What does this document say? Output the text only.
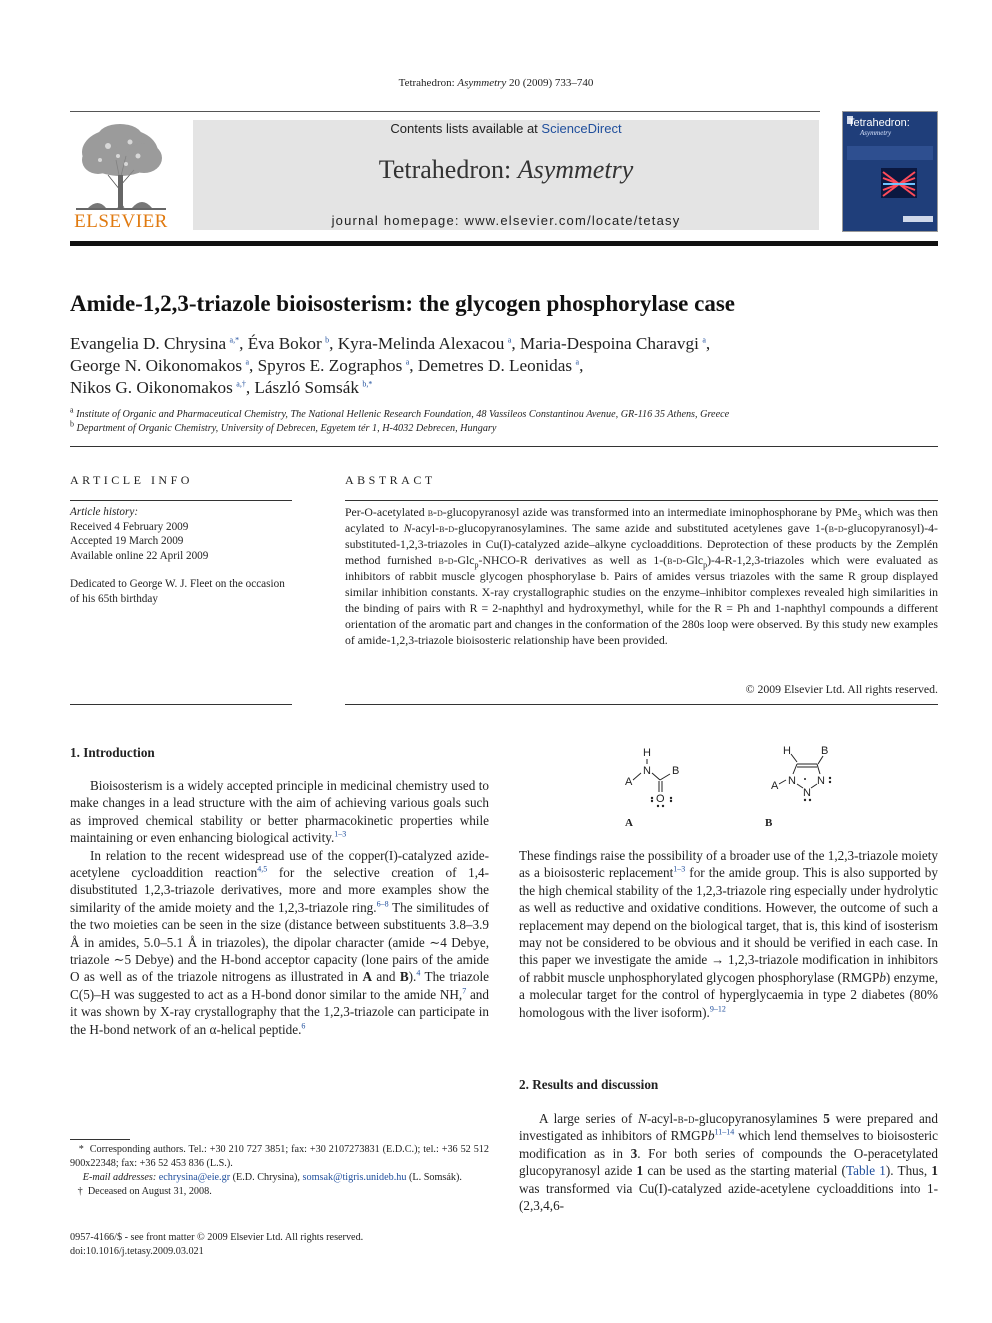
Tetrahedron: Asymmetry 20 (2009) 733–740
Contents lists available at ScienceDirect
Tetrahedron: Asymmetry
journal homepage: www.elsevier.com/locate/tetasy
ELSEVIER
Tetrahedron:
Asymmetry
Amide-1,2,3-triazole bioisosterism: the glycogen phosphorylase case
Evangelia D. Chrysina  $^{a,*}$, Éva Bokor  $^b$, Kyra-Melinda Alexacou  $^a$, Maria-Despoina Charavgi  $^a$,
George N. Oikonomakos  $^a$, Spyros E. Zographos  $^a$, Demetres D. Leonidas  $^a$,
Nikos G. Oikonomakos  $^{a,\dagger}$, László Somsák  $^{b,*}$
$^a$ Institute of Organic and Pharmaceutical Chemistry, The National Hellenic Research Foundation, 48 Vassileos Constantinou Avenue, GR-116 35 Athens, Greece
$^b$ Department of Organic Chemistry, University of Debrecen, Egyetem tér 1, H-4032 Debrecen, Hungary
ARTICLE INFO
Article history:
Received 4 February 2009
Accepted 19 March 2009
Available online 22 April 2009
Dedicated to George W. J. Fleet on the occasion of his 65th birthday
ABSTRACT
Per-O-acetylated β-d-glucopyranosyl azide was transformed into an intermediate iminophosphorane by PMe$_3$ which was then acylated to N-acyl-β-d-glucopyranosylamines. The same azide and substituted acetylenes gave 1-(β-d-glucopyranosyl)-4-substituted-1,2,3-triazoles in Cu(I)-catalyzed azide–alkyne cycloadditions. Deprotection of these products by the Zemplén method furnished β-d-Glc$_p$-NHCO-R derivatives as well as 1-(β-d-Glc$_p$)-4-R-1,2,3-triazoles which were evaluated as inhibitors of rabbit muscle glycogen phosphorylase b. Pairs of amides versus triazoles with the same R group displayed similar inhibition constants. X-ray crystallographic studies on the enzyme–inhibitor complexes revealed high similarities in the binding of pairs with R = 2-naphthyl and hydroxymethyl, while for the R = Ph and 1-naphthyl compounds a different orientation of the aromatic part and changes in the conformation of the 280s loop were observed. By this study new examples of amide-1,2,3-triazole bioisosteric relationship have been provided.
© 2009 Elsevier Ltd. All rights reserved.
1. Introduction

Bioisosterism is a widely accepted principle in medicinal chemistry used to make changes in a lead structure with the aim of achieving various goals such as improved chemical stability or better pharmacokinetic properties while maintaining or even enhancing biological activity.$^{1-3}$

In relation to the recent widespread use of the copper(I)-catalyzed azide-acetylene cycloaddition reaction$^{4,5}$ for the selective creation of 1,4-disubstituted 1,2,3-triazole derivatives, more and more examples show the similarity of the amide moiety and the 1,2,3-triazole ring.$^{6-8}$ The similitudes of the two moieties can be seen in the size (distance between substituents 3.8–3.9 Å in amides, 5.0–5.1 Å in triazoles), the dipolar character (amide ∼4 Debye, triazole ∼5 Debye) and the H-bond acceptor capacity (lone pairs of the amide O as well as of the triazole nitrogens as illustrated in A and B).$^4$ The triazole C(5)–H was suggested to act as a H-bond donor similar to the amide NH,$^7$ and it was shown by X-ray crystallography that the 1,2,3-triazole can participate in the H-bond network of an α-helical peptide.$^6$

H
N
A
B
O
A
H	B
N N
N
A
B
These findings raise the possibility of a broader use of the 1,2,3-triazole moiety as a bioisosteric replacement$^{1-3}$ for the amide group. This is also supported by the high chemical stability of the 1,2,3-triazole ring especially under hydrolytic as well as reductive and oxidative conditions. However, the outcome of such a replacement may depend on the biological target, that is, this kind of isosterism may not be considered to be obvious and it should be verified in each case. In this paper we investigate the amide → 1,2,3-triazole modification in inhibitors of rabbit muscle unphosphorylated glycogen phosphorylase (RMGPb) enzyme, a molecular target for the control of hyperglycaemia in type 2 diabetes (80% homologous with the liver isoform).$^{9-12}$
2. Results and discussion
A large series of N-acyl-β-d-glucopyranosylamines 5 were prepared and investigated as inhibitors of RMGPb$^{11-14}$ which lend themselves to bioisosteric modification as in 3. For both series of compounds the O-peracetylated glucopyranosyl azide 1 can be used as the starting material (Table 1). Thus, 1 was transformed via Cu(I)-catalyzed azide-acetylene cycloadditions into 1-(2,3,4,6-
*  Corresponding authors. Tel.: +30 210 727 3851; fax: +30 2107273831 (E.D.C.); tel.: +36 52 512 900x22348; fax: +36 52 453 836 (L.S.).
E-mail addresses: echrysina@eie.gr (E.D. Chrysina), somsak@tigris.unideb.hu (L. Somsák).
†  Deceased on August 31, 2008.
0957-4166/$ - see front matter © 2009 Elsevier Ltd. All rights reserved.
doi:10.1016/j.tetasy.2009.03.021
